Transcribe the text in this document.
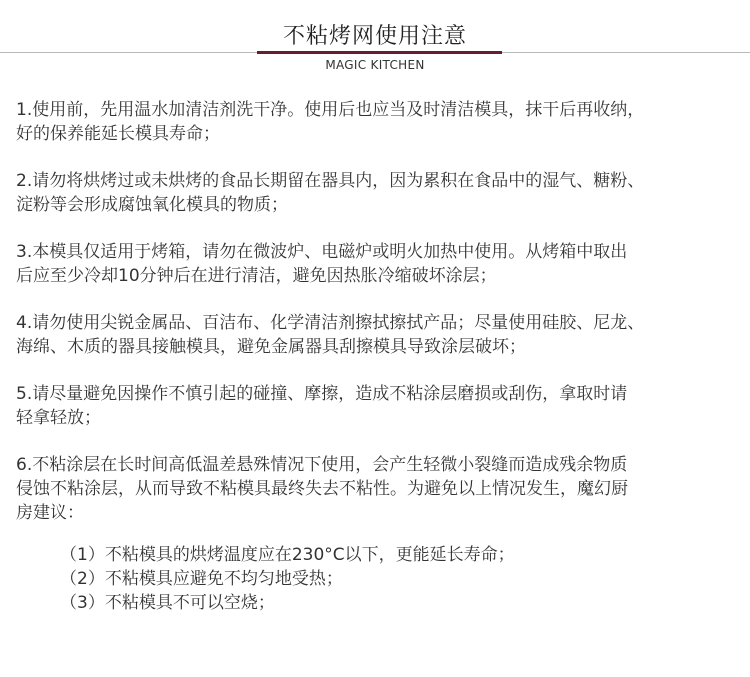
不粘烤网使用注意
MAGIC KITCHEN
1.使用前，先用温水加清洁剂洗干净。使用后也应当及时清洁模具，抹干后再收纳，
好的保养能延长模具寿命；
2.请勿将烘烤过或未烘烤的食品长期留在器具内，因为累积在食品中的湿气、糖粉、
淀粉等会形成腐蚀氧化模具的物质；
3.本模具仅适用于烤箱，请勿在微波炉、电磁炉或明火加热中使用。从烤箱中取出
后应至少冷却10分钟后在进行清洁，避免因热胀冷缩破坏涂层；
4.请勿使用尖锐金属品、百洁布、化学清洁剂擦拭擦拭产品；尽量使用硅胶、尼龙、
海绵、木质的器具接触模具，避免金属器具刮擦模具导致涂层破坏；
5.请尽量避免因操作不慎引起的碰撞、摩擦，造成不粘涂层磨损或刮伤，拿取时请
轻拿轻放；
6.不粘涂层在长时间高低温差悬殊情况下使用，会产生轻微小裂缝而造成残余物质
侵蚀不粘涂层，从而导致不粘模具最终失去不粘性。为避免以上情况发生，魔幻厨
房建议：
（1）不粘模具的烘烤温度应在230°C以下，更能延长寿命；
（2）不粘模具应避免不均匀地受热；
（3）不粘模具不可以空烧；
